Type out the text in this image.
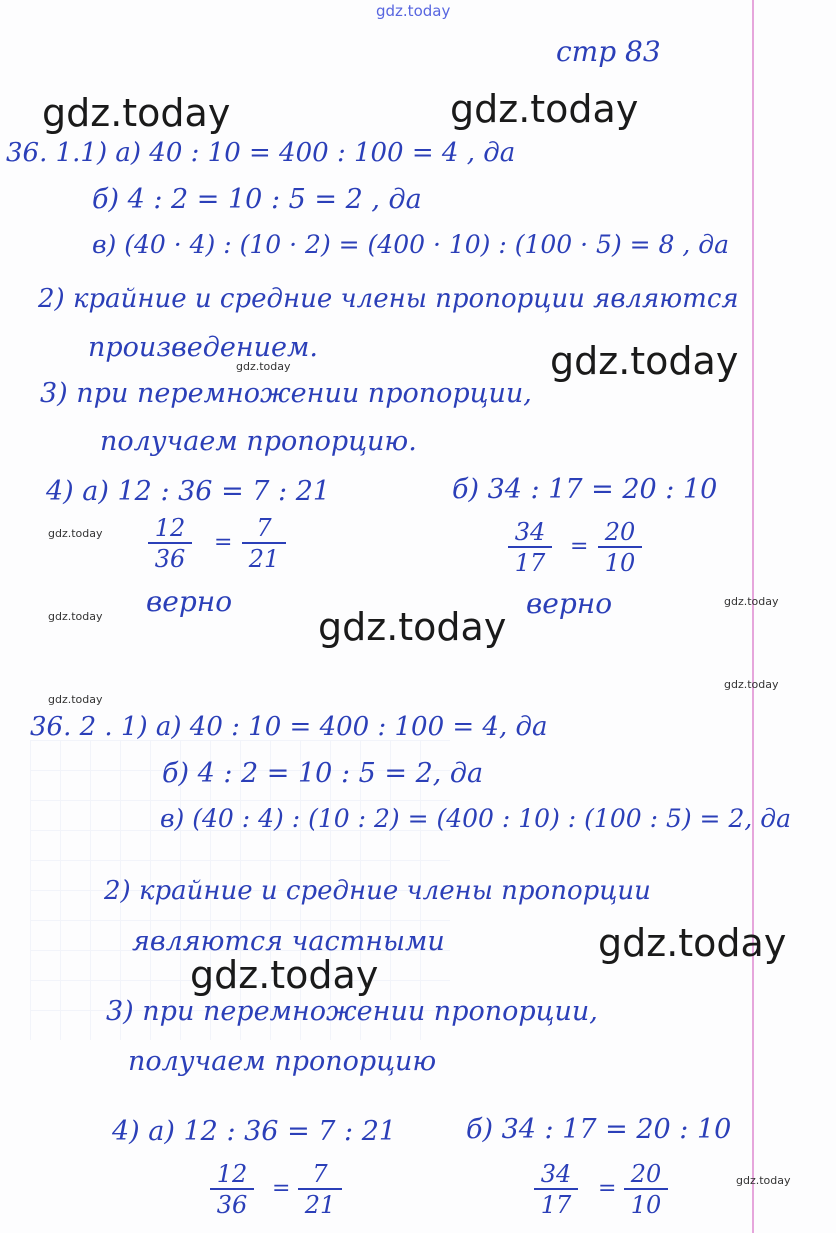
gdz.today
gdz.today	gdz.today
gdz.today
gdz.today
gdz.today
gdz.today
gdz.today
gdz.today
gdz.today
gdz.today
gdz.today
gdz.today
gdz.today
стр 83
36. 1.1) а) 40 : 10 = 400 : 100 = 4 , да
б) 4 : 2 = 10 : 5 = 2 , да
в) (40 · 4) : (10 · 2) = (400 · 10) : (100 · 5) = 8 , да
2) крайние и средние члены пропорции являются
произведением.
3) при перемножении пропорции,
получаем пропорцию.
4) а) 12 : 36 = 7 : 21	б) 34 : 17 = 20 : 10
12
36
=
7
21
34
17
=
20
10
верно	верно
36. 2 . 1) а) 40 : 10 = 400 : 100 = 4, да
б) 4 : 2 = 10 : 5 = 2, да
в) (40 : 4) : (10 : 2) = (400 : 10) : (100 : 5) = 2, да
2) крайние и средние члены пропорции
являются частными
3) при перемножении пропорции,
получаем пропорцию
4) а) 12 : 36 = 7 : 21	б) 34 : 17 = 20 : 10
12
36
=
7
21
34
17
=
20
10
